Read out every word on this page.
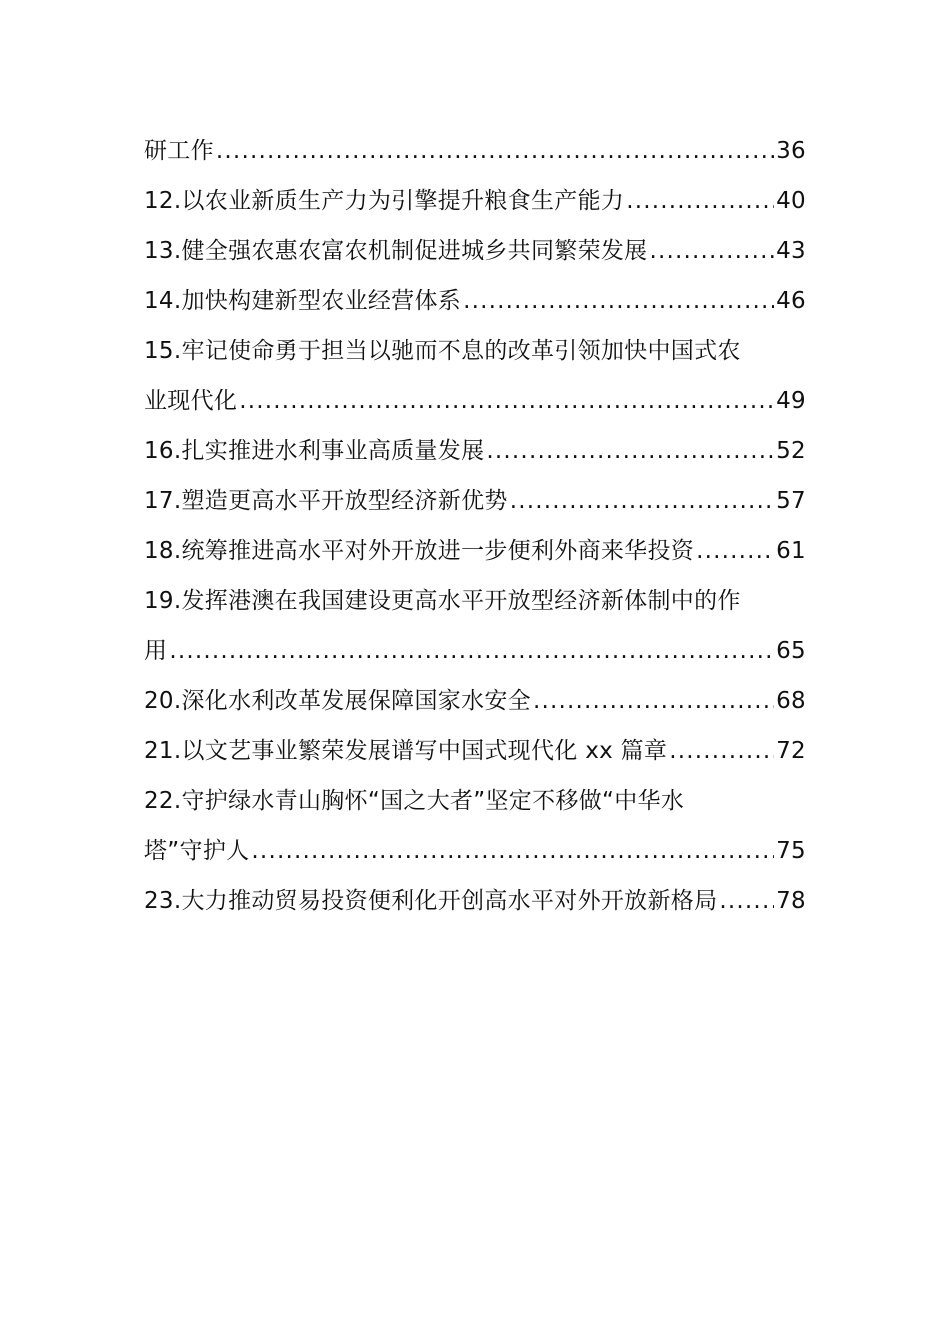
研工作 .....	36
12.以农业新质生产力为引擎提升粮食生产能力 .....	40
13.健全强农惠农富农机制促进城乡共同繁荣发展 .....	43
14.加快构建新型农业经营体系 .....	46
15.牢记使命勇于担当以驰而不息的改革引领加快中国式农
业现代化 .....	49
16.扎实推进水利事业高质量发展 .....	52
17.塑造更高水平开放型经济新优势 .....	57
18.统筹推进高水平对外开放进一步便利外商来华投资 .....	61
19.发挥港澳在我国建设更高水平开放型经济新体制中的作
用 .....	65
20.深化水利改革发展保障国家水安全 .....	68
21.以文艺事业繁荣发展谱写中国式现代化 xx 篇章 .....	72
22.守护绿水青山胸怀“国之大者”坚定不移做“中华水
塔”守护人 .....	75
23.大力推动贸易投资便利化开创高水平对外开放新格局 .....	78
